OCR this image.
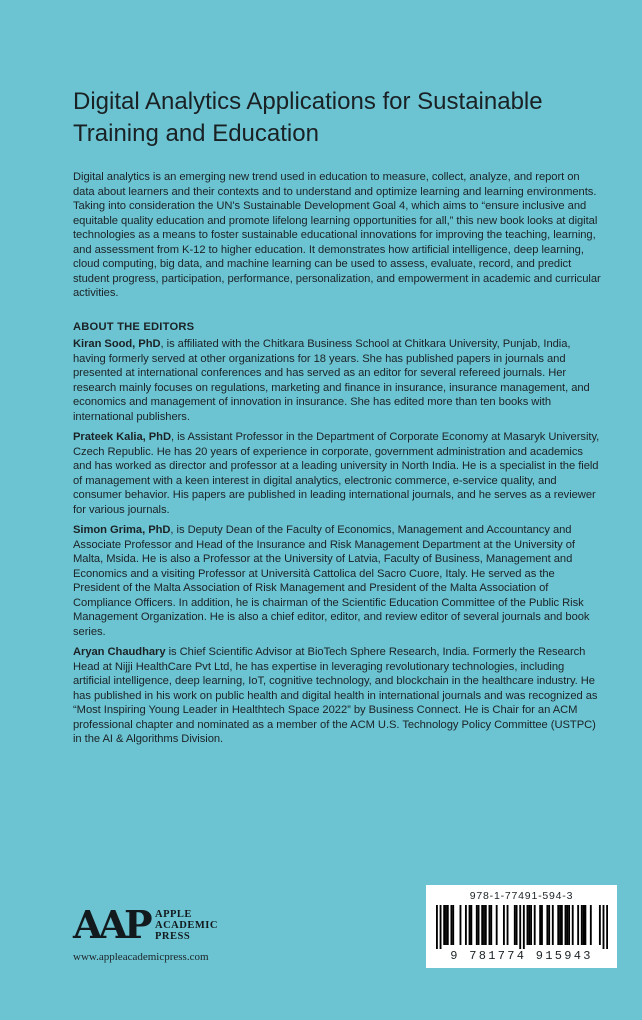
Digital Analytics Applications for Sustainable Training and Education

Digital analytics is an emerging new trend used in education to measure, collect, analyze, and report on data about learners and their contexts and to understand and optimize learning and learning environments. Taking into consideration the UN's Sustainable Development Goal 4, which aims to “ensure inclusive and equitable quality education and promote lifelong learning opportunities for all,” this new book looks at digital technologies as a means to foster sustainable educational innovations for improving the teaching, learning, and assessment from K-12 to higher education. It demonstrates how artificial intelligence, deep learning, cloud computing, big data, and machine learning can be used to assess, evaluate, record, and predict student progress, participation, performance, personalization, and empowerment in academic and curricular activities.

ABOUT THE EDITORS

Kiran Sood, PhD, is affiliated with the Chitkara Business School at Chitkara University, Punjab, India, having formerly served at other organizations for 18 years. She has published papers in journals and presented at international conferences and has served as an editor for several refereed journals. Her research mainly focuses on regulations, marketing and finance in insurance, insurance management, and economics and management of innovation in insurance. She has edited more than ten books with international publishers.

Prateek Kalia, PhD, is Assistant Professor in the Department of Corporate Economy at Masaryk University, Czech Republic. He has 20 years of experience in corporate, government administration and academics and has worked as director and professor at a leading university in North India. He is a specialist in the field of management with a keen interest in digital analytics, electronic commerce, e-service quality, and consumer behavior. His papers are published in leading international journals, and he serves as a reviewer for various journals.

Simon Grima, PhD, is Deputy Dean of the Faculty of Economics, Management and Accountancy and Associate Professor and Head of the Insurance and Risk Management Department at the University of Malta, Msida. He is also a Professor at the University of Latvia, Faculty of Business, Management and Economics and a visiting Professor at Università Cattolica del Sacro Cuore, Italy. He served as the President of the Malta Association of Risk Management and President of the Malta Association of Compliance Officers. In addition, he is chairman of the Scientific Education Committee of the Public Risk Management Organization. He is also a chief editor, editor, and review editor of several journals and book series.

Aryan Chaudhary is Chief Scientific Advisor at BioTech Sphere Research, India. Formerly the Research Head at Nijji HealthCare Pvt Ltd, he has expertise in leveraging revolutionary technologies, including artificial intelligence, deep learning, IoT, cognitive technology, and blockchain in the healthcare industry. He has published in his work on public health and digital health in international journals and was recognized as “Most Inspiring Young Leader in Healthtech Space 2022” by Business Connect. He is Chair for an ACM professional chapter and nominated as a member of the ACM U.S. Technology Policy Committee (USTPC) in the AI & Algorithms Division.

AAP APPLE
ACADEMIC
PRESS
www.appleacademicpress.com
978-1-77491-594-3
9 781774 915943
